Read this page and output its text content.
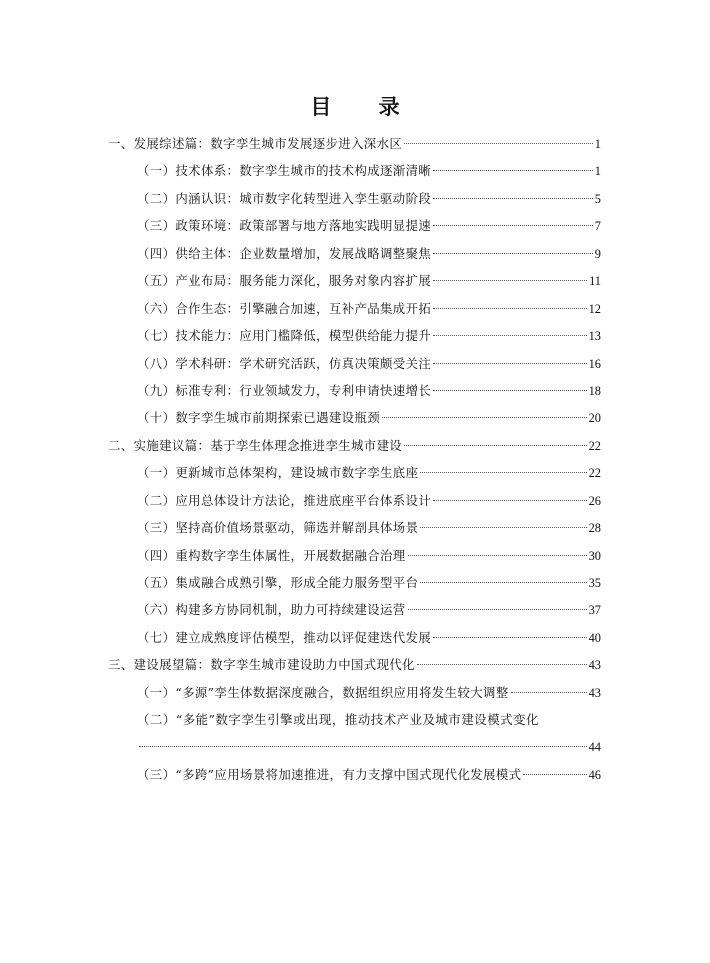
目 录
一、发展综述篇：数字孪生城市发展逐步进入深水区	1
（一）技术体系：数字孪生城市的技术构成逐渐清晰	1
（二）内涵认识：城市数字化转型进入孪生驱动阶段	5
（三）政策环境：政策部署与地方落地实践明显提速	7
（四）供给主体：企业数量增加，发展战略调整聚焦	9
（五）产业布局：服务能力深化，服务对象内容扩展	11
（六）合作生态：引擎融合加速，互补产品集成开拓	12
（七）技术能力：应用门槛降低，模型供给能力提升	13
（八）学术科研：学术研究活跃，仿真决策颇受关注	16
（九）标准专利：行业领域发力，专利申请快速增长	18
（十）数字孪生城市前期探索已遇建设瓶颈	20
二、实施建议篇：基于孪生体理念推进孪生城市建设	22
（一）更新城市总体架构，建设城市数字孪生底座	22
（二）应用总体设计方法论，推进底座平台体系设计	26
（三）坚持高价值场景驱动，筛选并解剖具体场景	28
（四）重构数字孪生体属性，开展数据融合治理	30
（五）集成融合成熟引擎，形成全能力服务型平台	35
（六）构建多方协同机制，助力可持续建设运营	37
（七）建立成熟度评估模型，推动以评促建迭代发展	40
三、建设展望篇：数字孪生城市建设助力中国式现代化	43
（一）“多源”孪生体数据深度融合，数据组织应用将发生较大调整	43
（二）“多能”数字孪生引擎或出现，推动技术产业及城市建设模式变化
44
（三）“多跨”应用场景将加速推进，有力支撑中国式现代化发展模式	46
